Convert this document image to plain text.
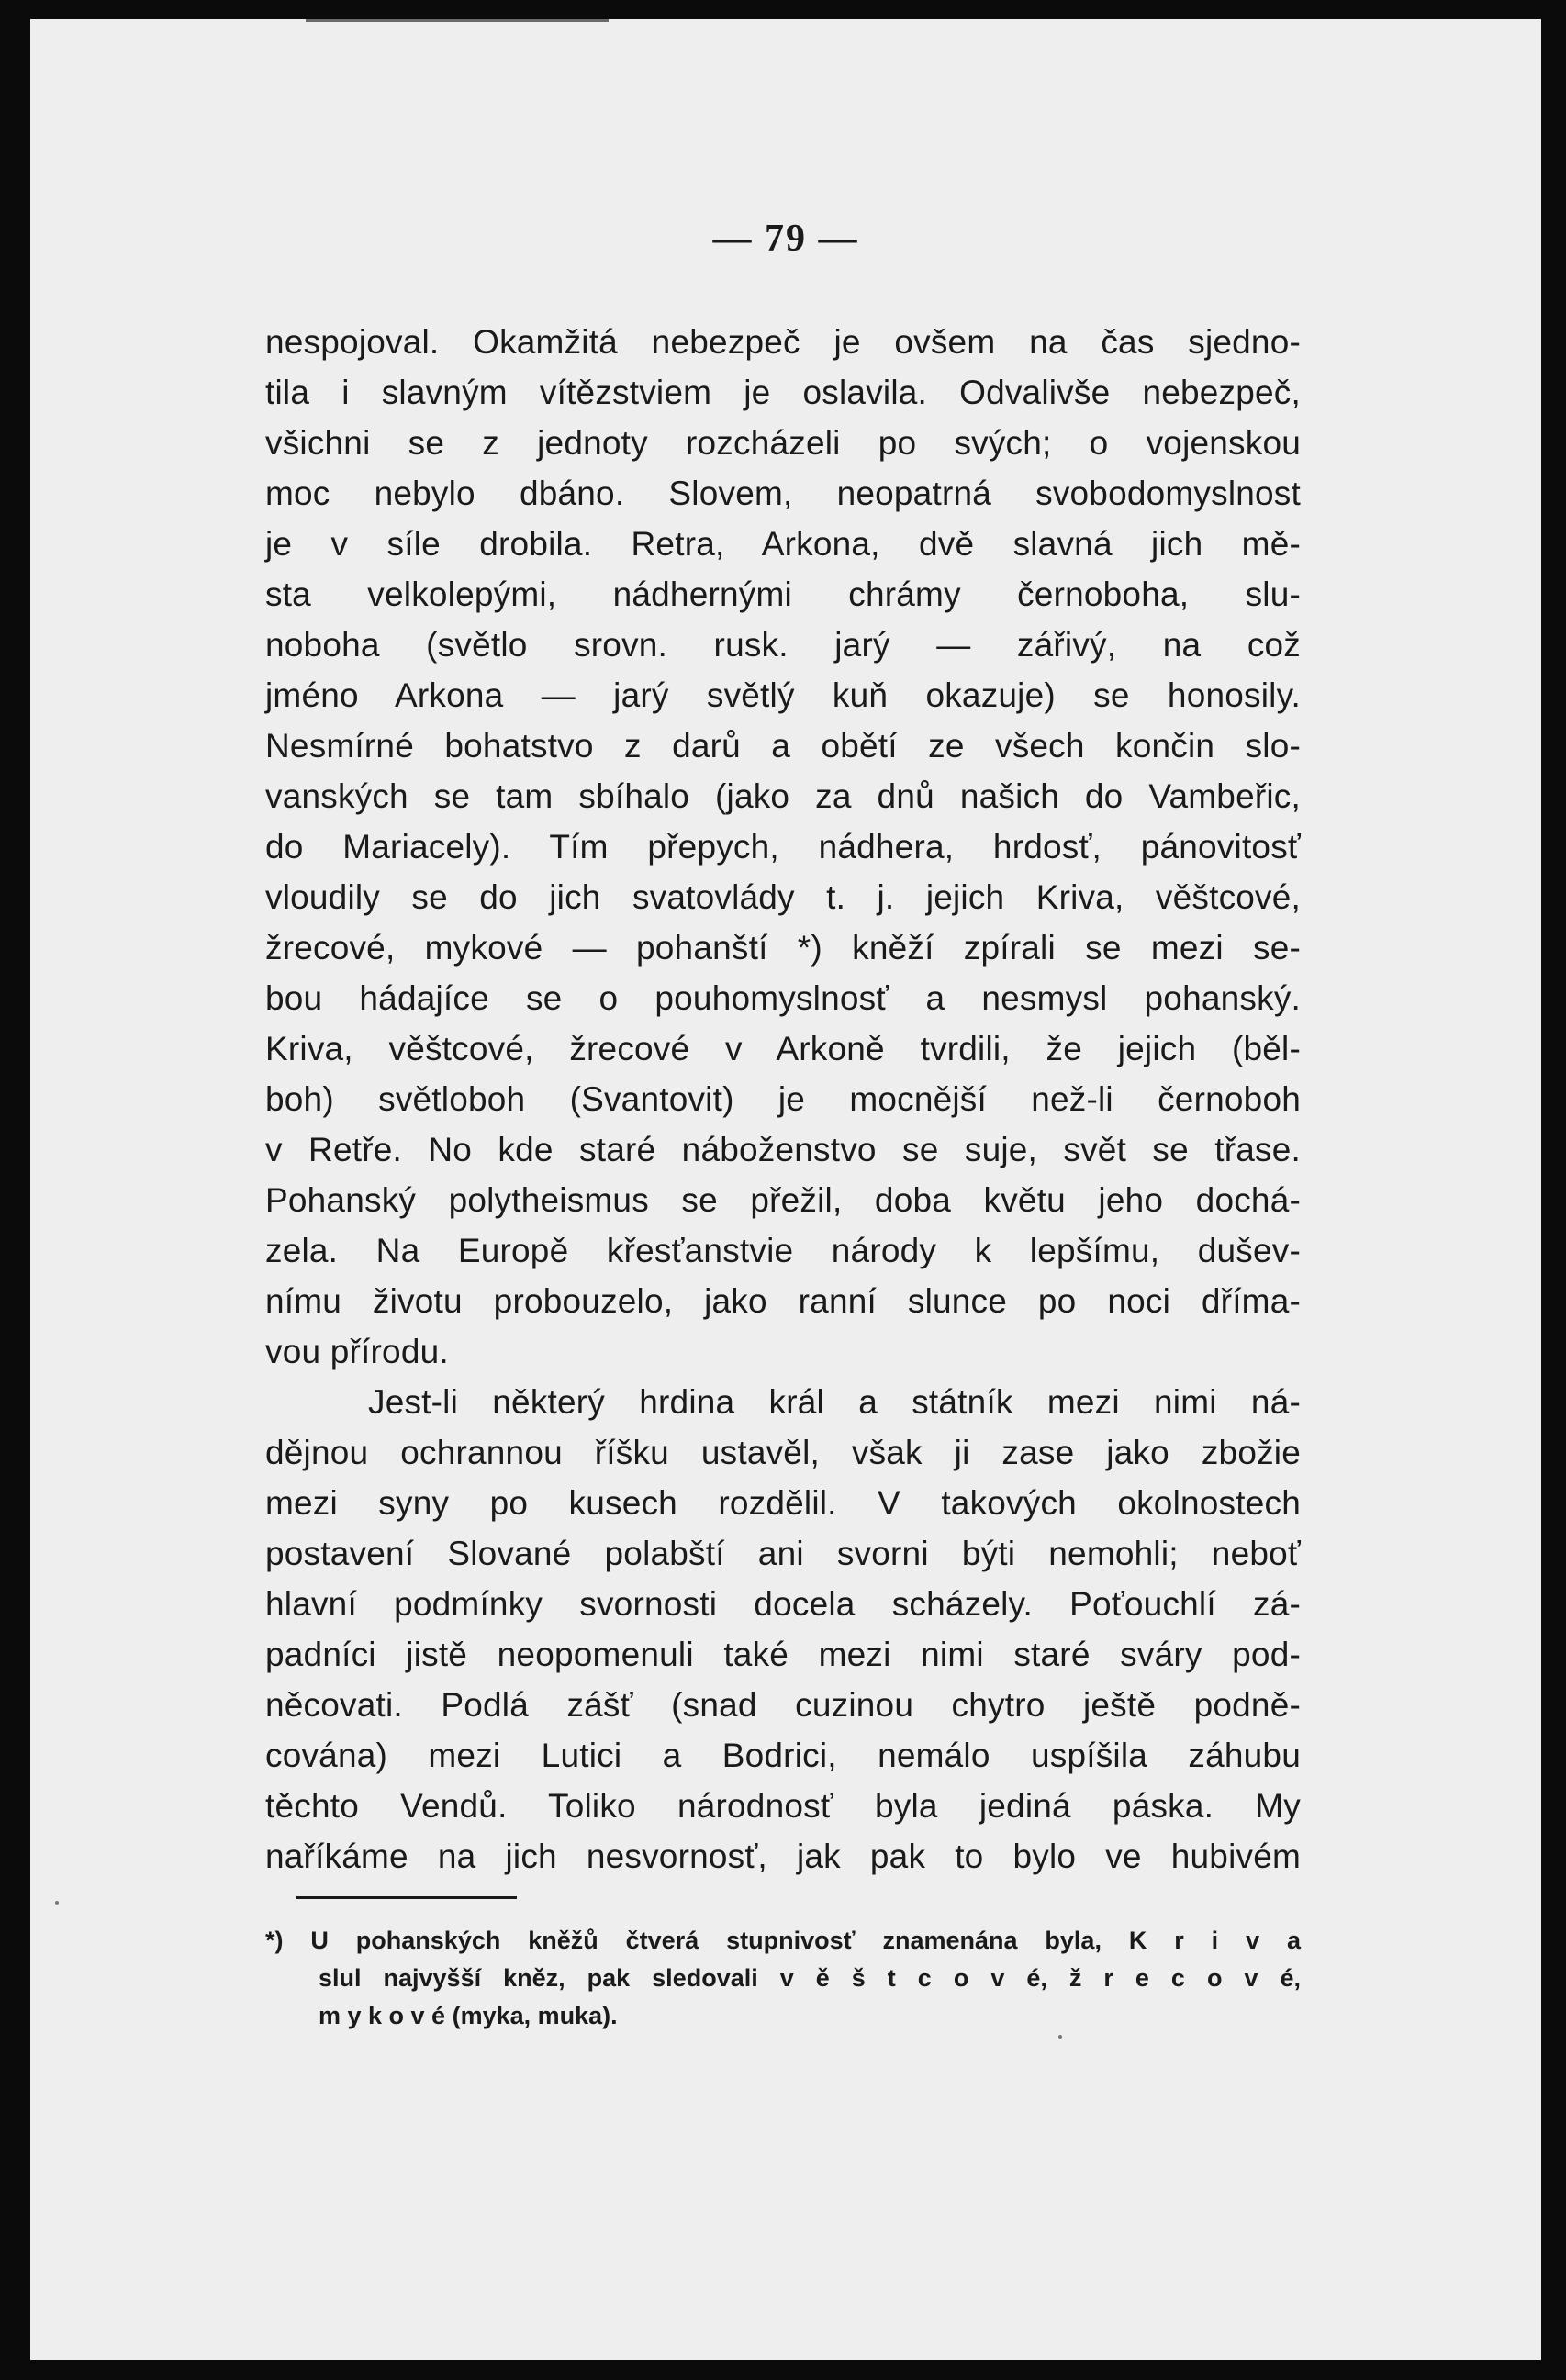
— 79 —
nespojoval. Okamžitá nebezpeč je ovšem na čas sjedno-
tila i slavným vítězstviem je oslavila. Odvalivše nebezpeč,
všichni se z jednoty rozcházeli po svých; o vojenskou
moc nebylo dbáno. Slovem, neopatrná svobodomyslnost
je v síle drobila. Retra, Arkona, dvě slavná jich mě-
sta velkolepými, nádhernými chrámy černoboha, slu-
noboha (světlo srovn. rusk. jarý — zářivý, na což
jméno Arkona — jarý světlý kuň okazuje) se honosily.
Nesmírné bohatstvo z darů a obětí ze všech končin slo-
vanských se tam sbíhalo (jako za dnů našich do Vambeřic,
do Mariacely). Tím přepych, nádhera, hrdosť, pánovitosť
vloudily se do jich svatovlády t. j. jejich Kriva, věštcové,
žrecové, mykové — pohanští *) kněží zpírali se mezi se-
bou hádajíce se o pouhomyslnosť a nesmysl pohanský.
Kriva, věštcové, žrecové v Arkoně tvrdili, že jejich (běl-
boh) světloboh (Svantovit) je mocnější než-li černoboh
v Retře. No kde staré náboženstvo se suje, svět se třase.
Pohanský polytheismus se přežil, doba květu jeho dochá-
zela. Na Europě křesťanstvie národy k lepšímu, dušev-
nímu životu probouzelo, jako ranní slunce po noci dříma-
vou přírodu.
Jest-li některý hrdina král a státník mezi nimi ná-
dějnou ochrannou říšku ustavěl, však ji zase jako zbožie
mezi syny po kusech rozdělil. V takových okolnostech
postavení Slované polabští ani svorni býti nemohli; neboť
hlavní podmínky svornosti docela scházely. Poťouchlí zá-
padníci jistě neopomenuli také mezi nimi staré sváry pod-
něcovati. Podlá zášť (snad cuzinou chytro ještě podně-
cována) mezi Lutici a Bodrici, nemálo uspíšila záhubu
těchto Vendů. Toliko národnosť byla jediná páska. My
naříkáme na jich nesvornosť, jak pak to bylo ve hubivém
*) U pohanských kněžů čtverá stupnivosť znamenána byla, K r i v a
slul najvyšší kněz, pak sledovali v ě š t c o v é, ž r e c o v é,
m y k o v é (myka, muka).
